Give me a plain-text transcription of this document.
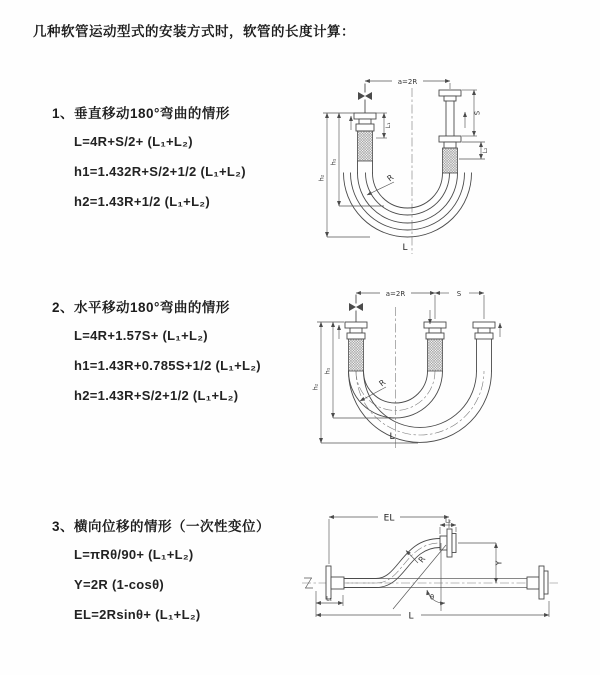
几种软管运动型式的安装方式时，软管的长度计算：
1、垂直移动180°弯曲的情形
L=4R+S/2+ (L₁+L₂)
h1=1.432R+S/2+1/2 (L₁+L₂)
h2=1.43R+1/2 (L₁+L₂)
2、水平移动180°弯曲的情形
L=4R+1.57S+ (L₁+L₂)
h1=1.43R+0.785S+1/2 (L₁+L₂)
h2=1.43R+S/2+1/2 (L₁+L₂)
3、横向位移的情形（一次性变位）
L=πRθ/90+ (L₁+L₂)
Y=2R (1-cosθ)
EL=2Rsinθ+ (L₁+L₂)
a=2R
L₁
S
L₂
h₁
h₂	R
L
a=2R	S
h₁
h₂	R
L
EL	L₂
Y
L
L₁
R
θ
